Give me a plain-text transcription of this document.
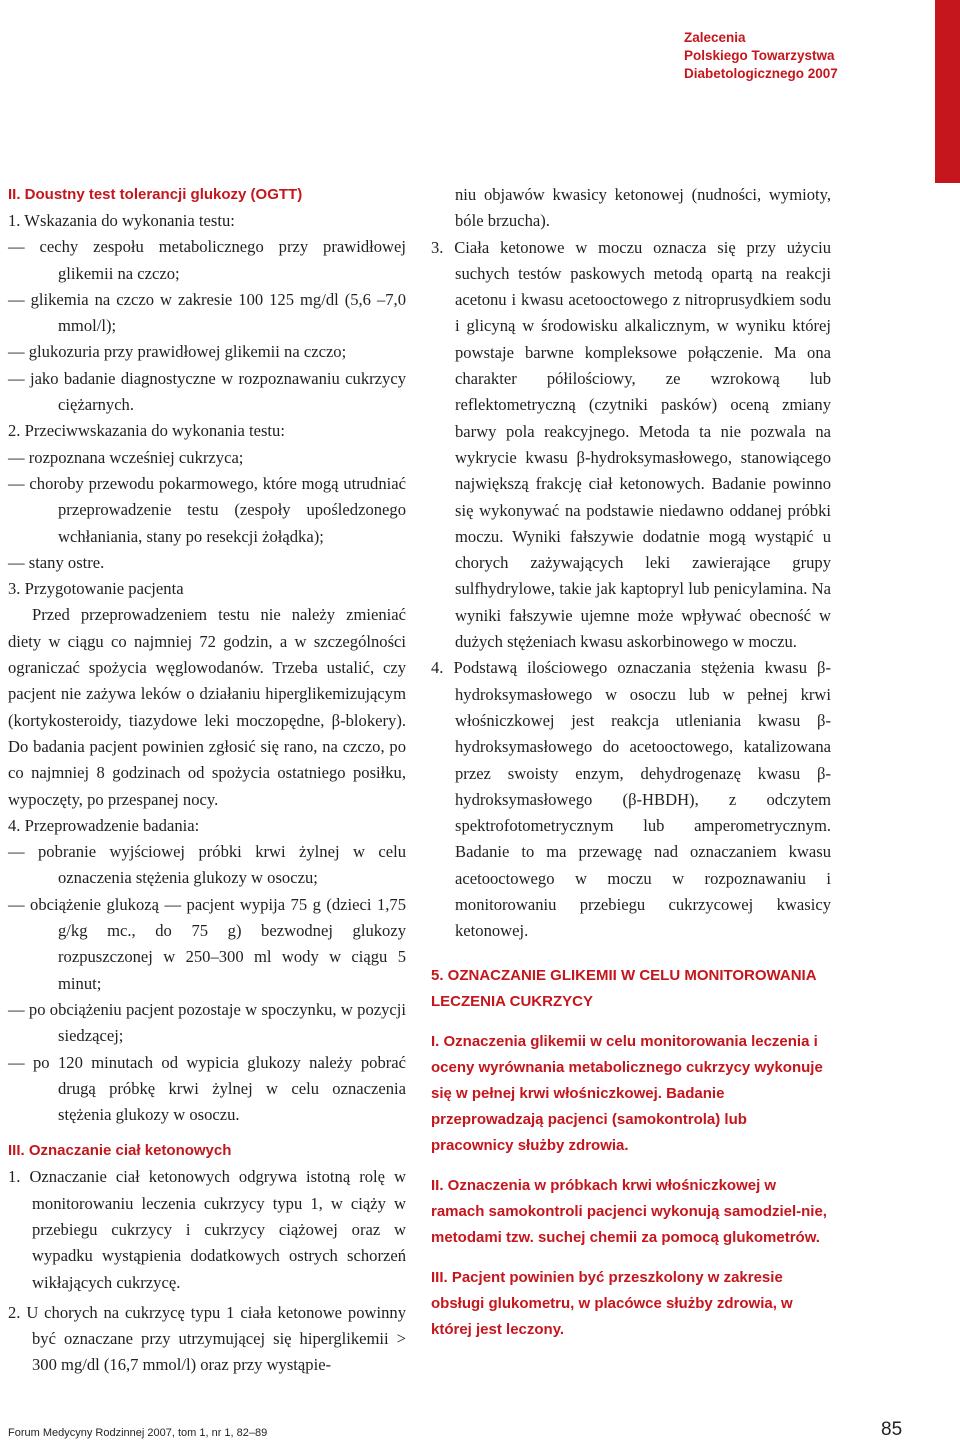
Zalecenia
Polskiego Towarzystwa
Diabetologicznego 2007

II. Doustny test tolerancji glukozy (OGTT)

1. Wskazania do wykonania testu:

— cechy zespołu metabolicznego przy prawidłowej glikemii na czczo;

— glikemia na czczo w zakresie 100 125 mg/dl (5,6 –7,0 mmol/l);

— glukozuria przy prawidłowej glikemii na czczo;

— jako badanie diagnostyczne w rozpoznawaniu cukrzycy ciężarnych.

2. Przeciwwskazania do wykonania testu:

— rozpoznana wcześniej cukrzyca;

— choroby przewodu pokarmowego, które mogą utrudniać przeprowadzenie testu (zespoły upośledzonego wchłaniania, stany po resekcji żołądka);

— stany ostre.

3. Przygotowanie pacjenta

Przed przeprowadzeniem testu nie należy zmieniać diety w ciągu co najmniej 72 godzin, a w szczególności ograniczać spożycia węglowodanów. Trzeba ustalić, czy pacjent nie zażywa leków o działaniu hiperglikemizującym (kortykosteroidy, tiazydowe leki moczopędne, β-blokery). Do badania pacjent powinien zgłosić się rano, na czczo, po co najmniej 8 godzinach od spożycia ostatniego posiłku, wypoczęty, po przespanej nocy.

4. Przeprowadzenie badania:

— pobranie wyjściowej próbki krwi żylnej w celu oznaczenia stężenia glukozy w osoczu;

— obciążenie glukozą — pacjent wypija 75 g (dzieci 1,75 g/kg mc., do 75 g) bezwodnej glukozy rozpuszczonej w 250–300 ml wody w ciągu 5 minut;

— po obciążeniu pacjent pozostaje w spoczynku, w pozycji siedzącej;

— po 120 minutach od wypicia glukozy należy pobrać drugą próbkę krwi żylnej w celu oznaczenia stężenia glukozy w osoczu.

III. Oznaczanie ciał ketonowych

1. Oznaczanie ciał ketonowych odgrywa istotną rolę w monitorowaniu leczenia cukrzycy typu 1, w ciąży w przebiegu cukrzycy i cukrzycy ciążowej oraz w wypadku wystąpienia dodatkowych ostrych schorzeń wikłających cukrzycę.

2. U chorych na cukrzycę typu 1 ciała ketonowe powinny być oznaczane przy utrzymującej się hiperglikemii > 300 mg/dl (16,7 mmol/l) oraz przy wystąpie-

niu objawów kwasicy ketonowej (nudności, wymioty, bóle brzucha).

3. Ciała ketonowe w moczu oznacza się przy użyciu suchych testów paskowych metodą opartą na reakcji acetonu i kwasu acetooctowego z nitroprusydkiem sodu i glicyną w środowisku alkalicznym, w wyniku której powstaje barwne kompleksowe połączenie. Ma ona charakter półilościowy, ze wzrokową lub reflektometryczną (czytniki pasków) oceną zmiany barwy pola reakcyjnego. Metoda ta nie pozwala na wykrycie kwasu β-hydroksymasłowego, stanowiącego największą frakcję ciał ketonowych. Badanie powinno się wykonywać na podstawie niedawno oddanej próbki moczu. Wyniki fałszywie dodatnie mogą wystąpić u chorych zażywających leki zawierające grupy sulfhydrylowe, takie jak kaptopryl lub penicylamina. Na wyniki fałszywie ujemne może wpływać obecność w dużych stężeniach kwasu askorbinowego w moczu.

4. Podstawą ilościowego oznaczania stężenia kwasu β-hydroksymasłowego w osoczu lub w pełnej krwi włośniczkowej jest reakcja utleniania kwasu β-hydroksymasłowego do acetooctowego, katalizowana przez swoisty enzym, dehydrogenazę kwasu β-hydroksymasłowego (β-HBDH), z odczytem spektrofotometrycznym lub amperometrycznym. Badanie to ma przewagę nad oznaczaniem kwasu acetooctowego w moczu w rozpoznawaniu i monitorowaniu przebiegu cukrzycowej kwasicy ketonowej.

5. OZNACZANIE GLIKEMII W CELU MONITOROWANIA LECZENIA CUKRZYCY

I. Oznaczenia glikemii w celu monitorowania leczenia i oceny wyrównania metabolicznego cukrzycy wykonuje się w pełnej krwi włośniczkowej. Badanie przeprowadzają pacjenci (samokontrola) lub pracownicy służby zdrowia.

II. Oznaczenia w próbkach krwi włośniczkowej w ramach samokontroli pacjenci wykonują samodziel-nie, metodami tzw. suchej chemii za pomocą glukometrów.

III. Pacjent powinien być przeszkolony w zakresie obsługi glukometru, w placówce służby zdrowia, w której jest leczony.

Forum Medycyny Rodzinnej 2007, tom 1, nr 1, 82–89	85
